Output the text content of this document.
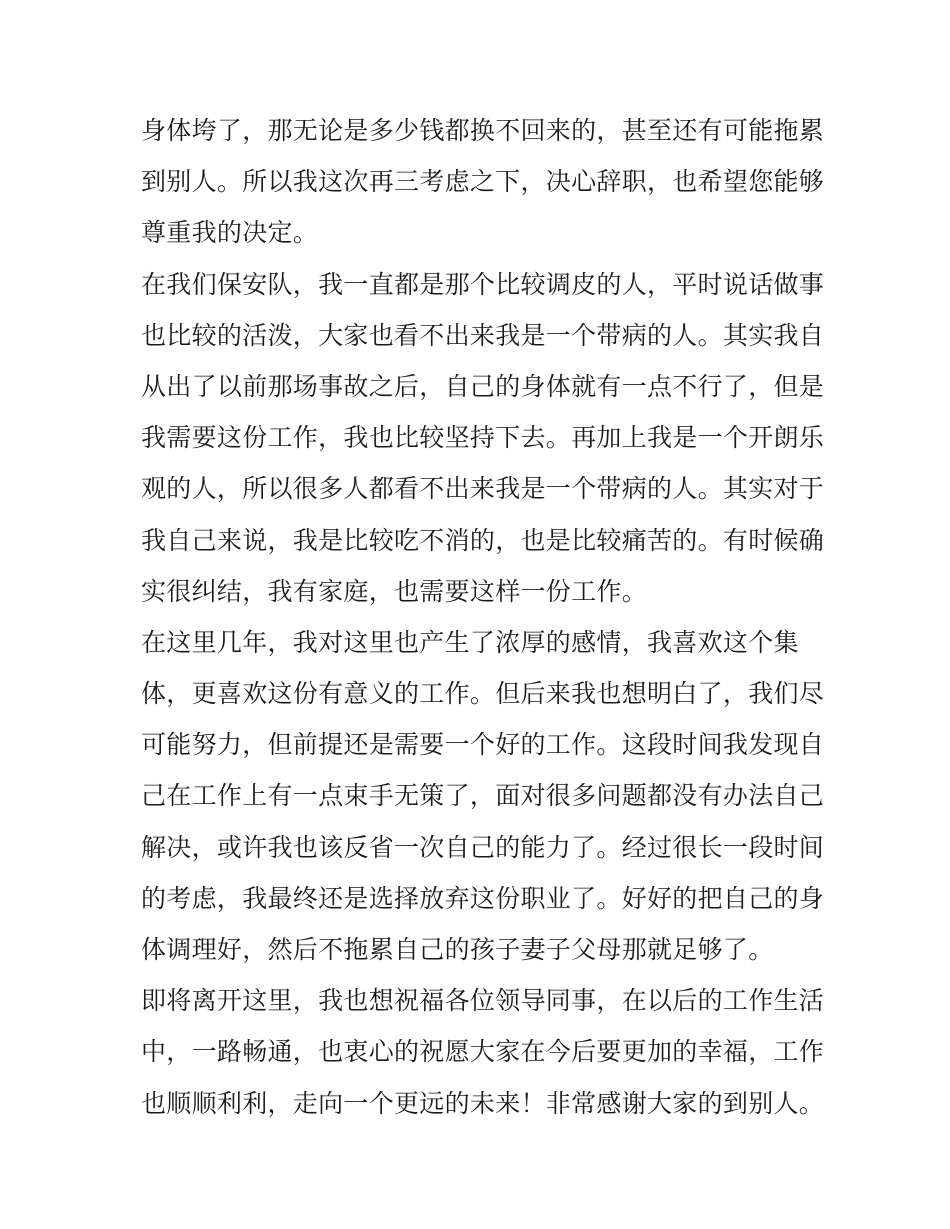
身体垮了，那无论是多少钱都换不回来的，甚至还有可能拖累
到别人。所以我这次再三考虑之下，决心辞职，也希望您能够
尊重我的决定。
在我们保安队，我一直都是那个比较调皮的人，平时说话做事
也比较的活泼，大家也看不出来我是一个带病的人。其实我自
从出了以前那场事故之后，自己的身体就有一点不行了，但是
我需要这份工作，我也比较坚持下去。再加上我是一个开朗乐
观的人，所以很多人都看不出来我是一个带病的人。其实对于
我自己来说，我是比较吃不消的，也是比较痛苦的。有时候确
实很纠结，我有家庭，也需要这样一份工作。
在这里几年，我对这里也产生了浓厚的感情，我喜欢这个集
体，更喜欢这份有意义的工作。但后来我也想明白了，我们尽
可能努力，但前提还是需要一个好的工作。这段时间我发现自
己在工作上有一点束手无策了，面对很多问题都没有办法自己
解决，或许我也该反省一次自己的能力了。经过很长一段时间
的考虑，我最终还是选择放弃这份职业了。好好的把自己的身
体调理好，然后不拖累自己的孩子妻子父母那就足够了。
即将离开这里，我也想祝福各位领导同事，在以后的工作生活
中，一路畅通，也衷心的祝愿大家在今后要更加的幸福，工作
也顺顺利利，走向一个更远的未来！非常感谢大家的到别人。
